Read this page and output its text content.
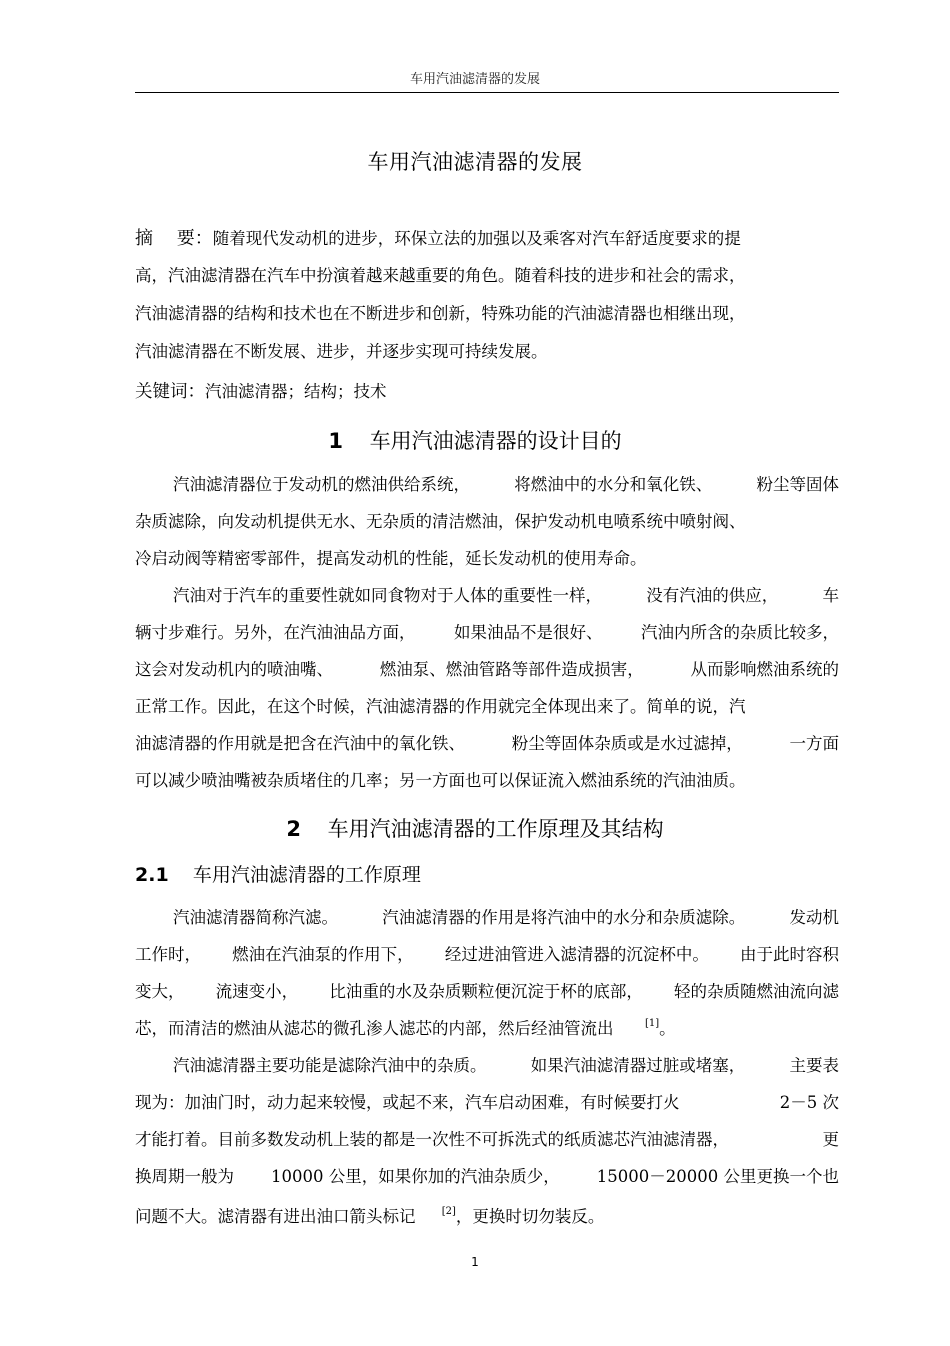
车用汽油滤清器的发展
车用汽油滤清器的发展
摘　 要：随着现代发动机的进步，环保立法的加强以及乘客对汽车舒适度要求的提
高，汽油滤清器在汽车中扮演着越来越重要的角色。随着科技的进步和社会的需求，
汽油滤清器的结构和技术也在不断进步和创新，特殊功能的汽油滤清器也相继出现，
汽油滤清器在不断发展、进步，并逐步实现可持续发展。
关键词：汽油滤清器；结构；技术
1 车用汽油滤清器的设计目的
汽油滤清器位于发动机的燃油供给系统，	将燃油中的水分和氧化铁、	粉尘等固体
杂质滤除，向发动机提供无水、无杂质的清洁燃油，保护发动机电喷系统中喷射阀、
冷启动阀等精密零部件，提高发动机的性能，延长发动机的使用寿命。
汽油对于汽车的重要性就如同食物对于人体的重要性一样，	没有汽油的供应，	车
辆寸步难行。另外，在汽油油品方面， 如果油品不是很好、 汽油内所含的杂质比较多，
这会对发动机内的喷油嘴、	燃油泵、燃油管路等部件造成损害，	从而影响燃油系统的
正常工作。因此，在这个时候，汽油滤清器的作用就完全体现出来了。简单的说，汽
油滤清器的作用就是把含在汽油中的氧化铁、	粉尘等固体杂质或是水过滤掉，	一方面
可以减少喷油嘴被杂质堵住的几率；另一方面也可以保证流入燃油系统的汽油油质。
2 车用汽油滤清器的工作原理及其结构
2.1 车用汽油滤清器的工作原理
汽油滤清器简称汽滤。	汽油滤清器的作用是将汽油中的水分和杂质滤除。	发动机
工作时， 燃油在汽油泵的作用下， 经过进油管进入滤清器的沉淀杯中。 由于此时容积
变大， 流速变小， 比油重的水及杂质颗粒便沉淀于杯的底部， 轻的杂质随燃油流向滤
芯，而清洁的燃油从滤芯的微孔渗人滤芯的内部，然后经油管流出	[1]。
汽油滤清器主要功能是滤除汽油中的杂质。	如果汽油滤清器过脏或堵塞，	主要表
现为：加油门时，动力起来较慢，或起不来，汽车启动困难，有时候要打火	2－5 次
才能打着。目前多数发动机上装的都是一次性不可拆洗式的纸质滤芯汽油滤清器，	更
换周期一般为 10000 公里，如果你加的汽油杂质少， 15000－20000 公里更换一个也
问题不大。滤清器有进出油口箭头标记	[2]，更换时切勿装反。
1
